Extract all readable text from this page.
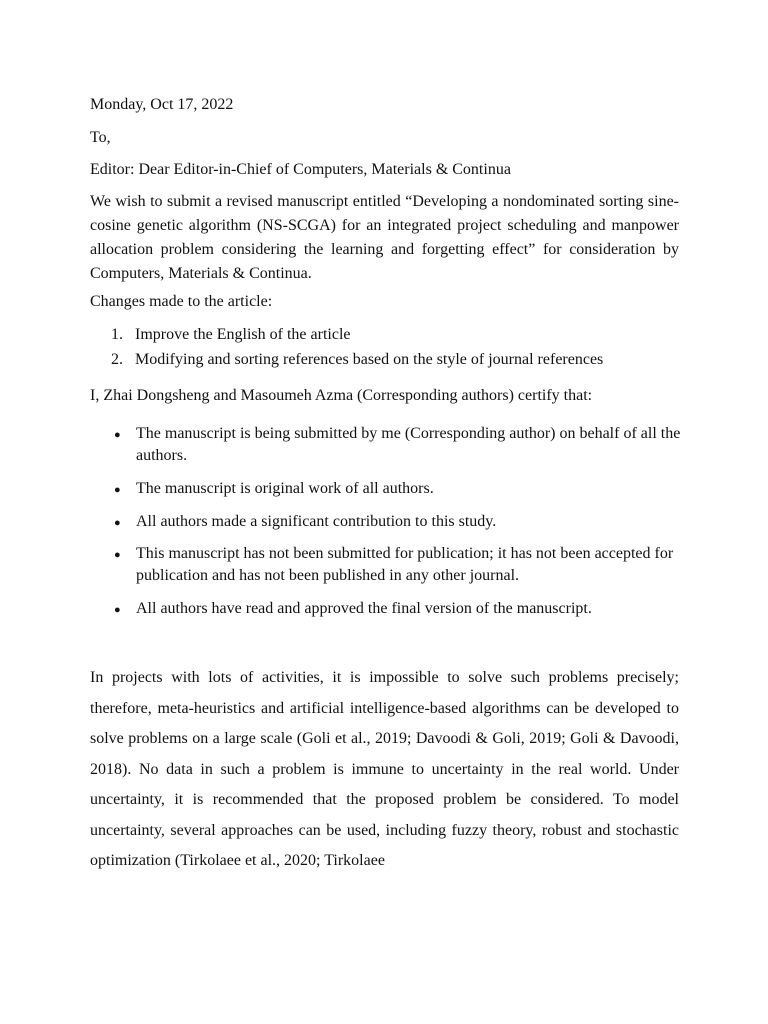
Monday, Oct 17, 2022
To,
Editor: Dear Editor-in-Chief of Computers, Materials & Continua
We wish to submit a revised manuscript entitled “Developing a nondominated sorting sine-cosine genetic algorithm (NS-SCGA) for an integrated project scheduling and manpower allocation problem considering the learning and forgetting effect” for consideration by Computers, Materials & Continua.
Changes made to the article:
1. Improve the English of the article
2. Modifying and sorting references based on the style of journal references
I, Zhai Dongsheng and Masoumeh Azma (Corresponding authors) certify that:
● The manuscript is being submitted by me (Corresponding author) on behalf of all the authors.
● The manuscript is original work of all authors.
● All authors made a significant contribution to this study.
● This manuscript has not been submitted for publication; it has not been accepted for publication and has not been published in any other journal.
● All authors have read and approved the final version of the manuscript.
In projects with lots of activities, it is impossible to solve such problems precisely; therefore, meta-heuristics and artificial intelligence-based algorithms can be developed to solve problems on a large scale (Goli et al., 2019; Davoodi & Goli, 2019; Goli & Davoodi, 2018). No data in such a problem is immune to uncertainty in the real world. Under uncertainty, it is recommended that the proposed problem be considered. To model uncertainty, several approaches can be used, including fuzzy theory, robust and stochastic optimization (Tirkolaee et al., 2020; Tirkolaee
